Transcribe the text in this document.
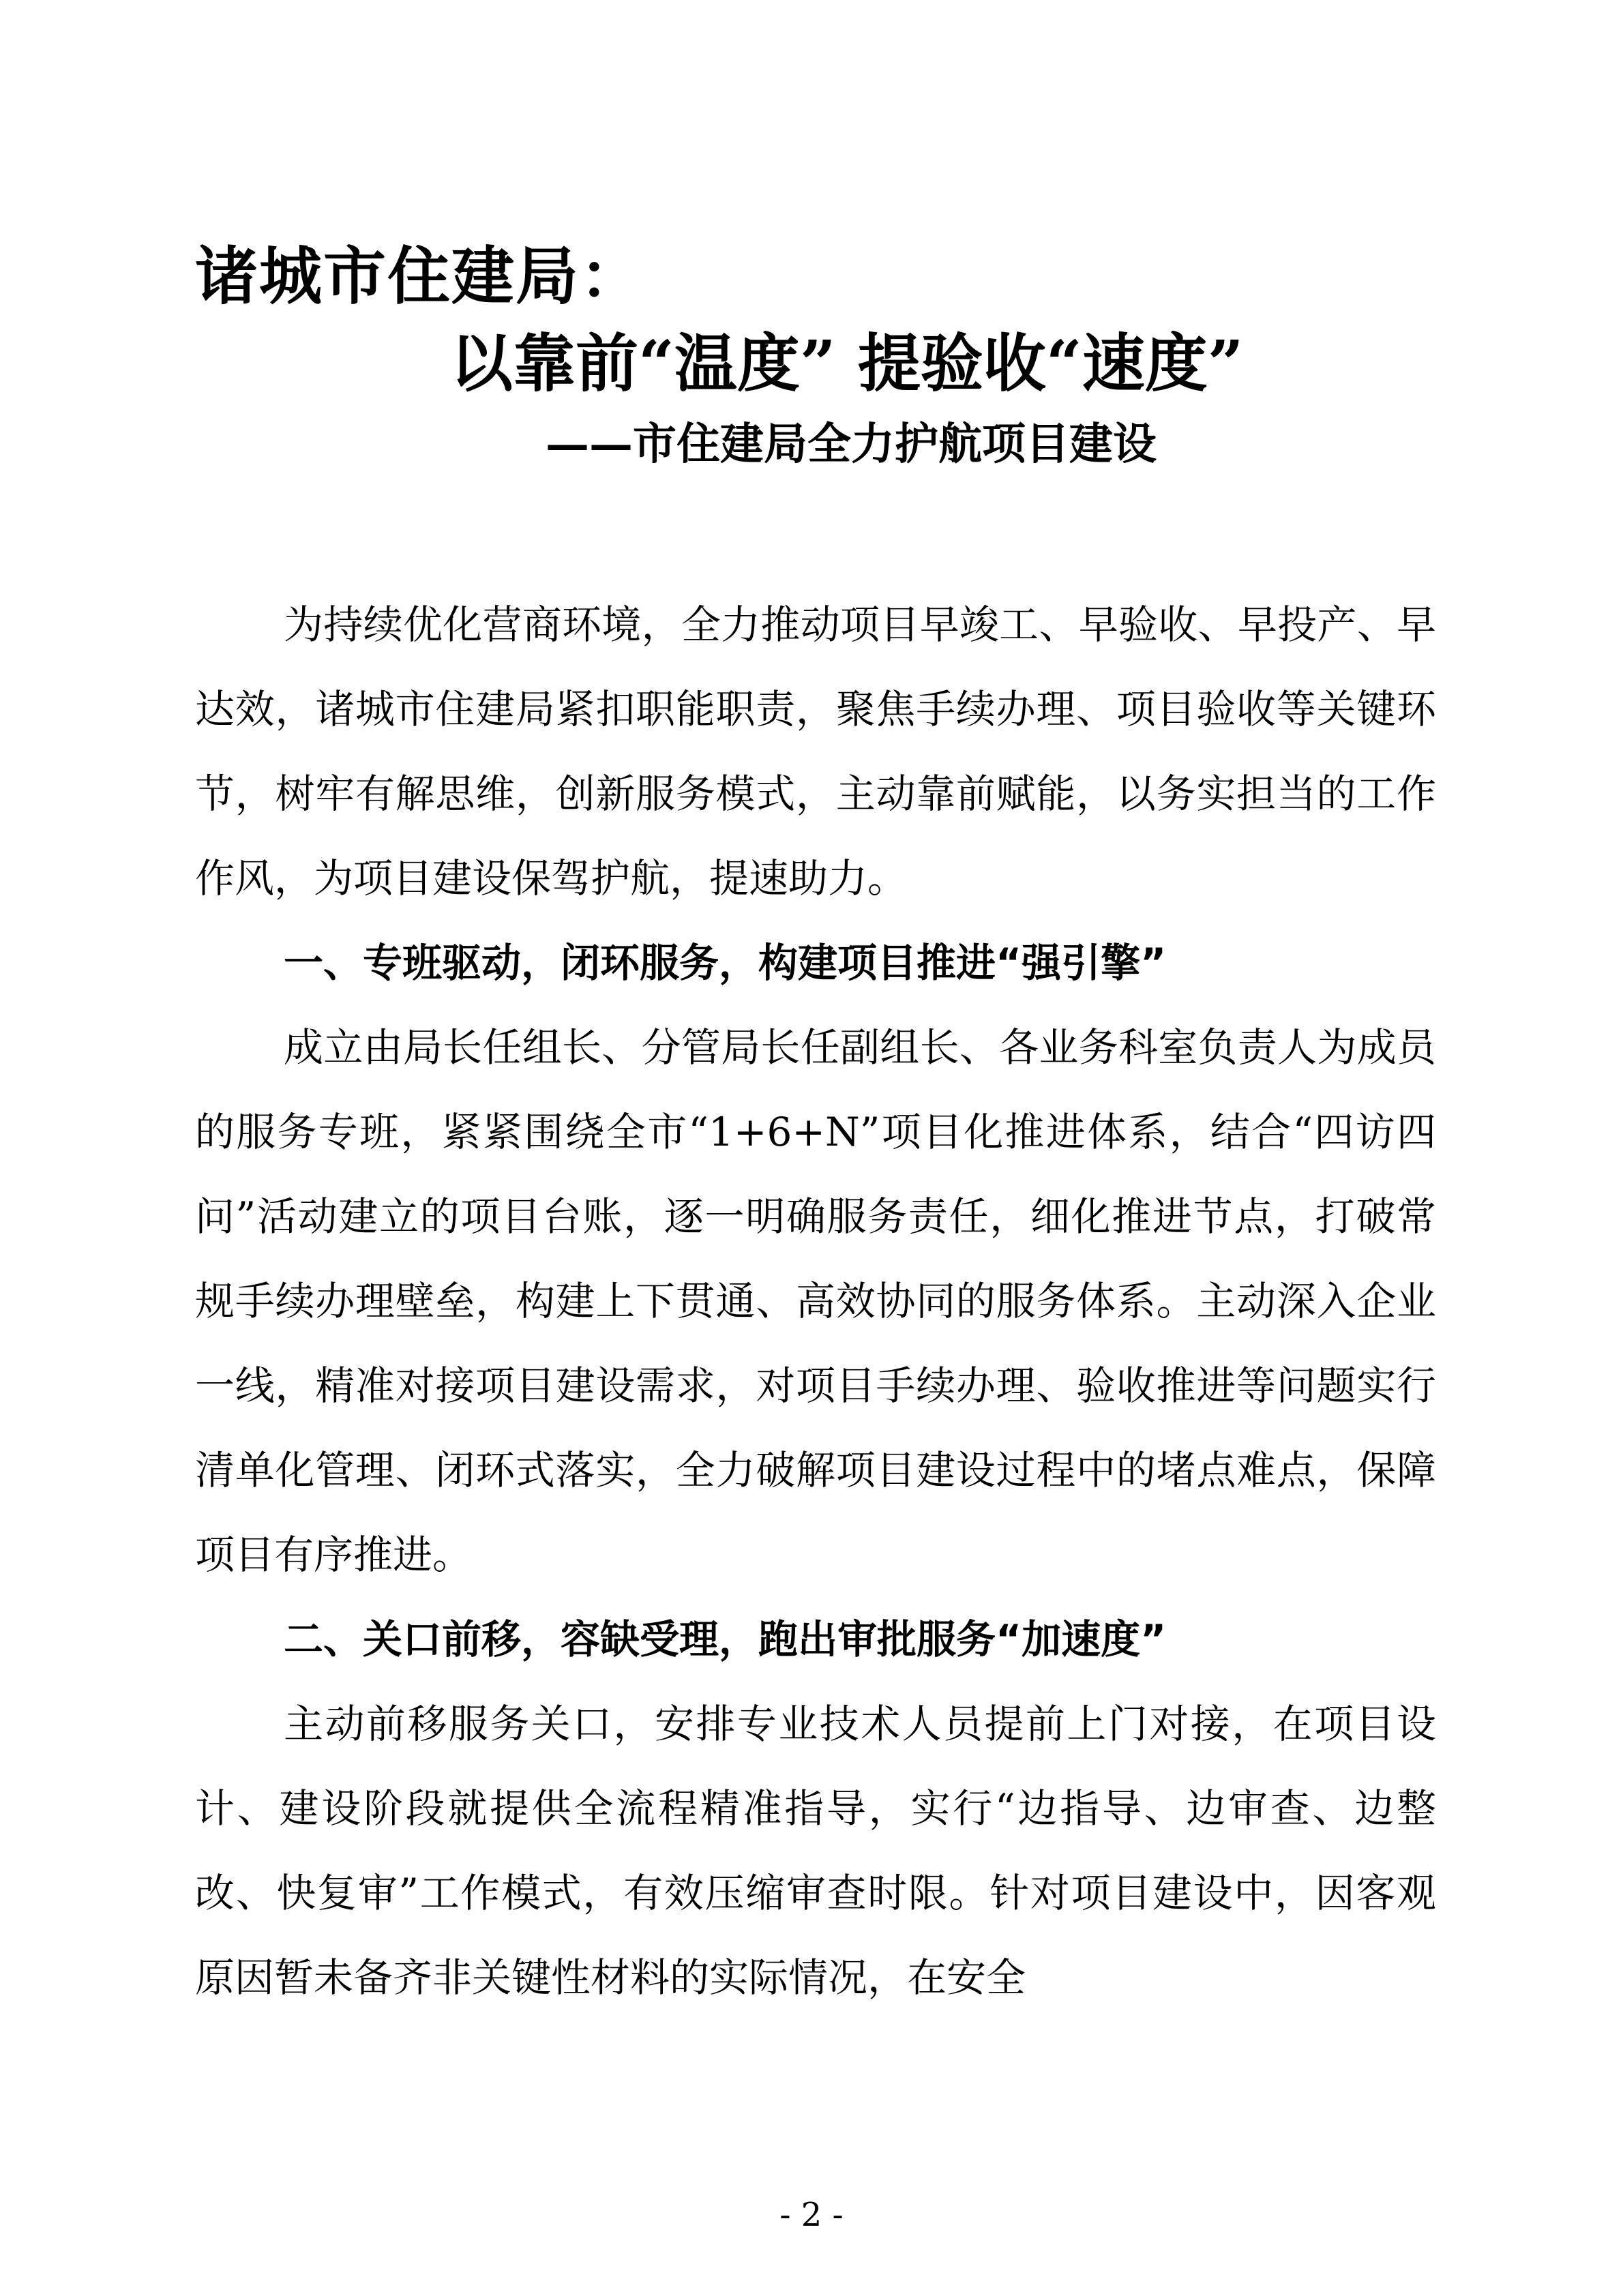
诸城市住建局：
以靠前“温度” 提验收“速度”
——市住建局全力护航项目建设

为持续优化营商环境，全力推动项目早竣工、早验收、早投产、早达效，诸城市住建局紧扣职能职责，聚焦手续办理、项目验收等关键环节，树牢有解思维，创新服务模式，主动靠前赋能，以务实担当的工作作风，为项目建设保驾护航，提速助力。

一、专班驱动，闭环服务，构建项目推进“强引擎”

成立由局长任组长、分管局长任副组长、各业务科室负责人为成员的服务专班，紧紧围绕全市“1+6+N”项目化推进体系，结合“四访四问”活动建立的项目台账，逐一明确服务责任，细化推进节点，打破常规手续办理壁垒，构建上下贯通、高效协同的服务体系。主动深入企业一线，精准对接项目建设需求，对项目手续办理、验收推进等问题实行清单化管理、闭环式落实，全力破解项目建设过程中的堵点难点，保障项目有序推进。

二、关口前移，容缺受理，跑出审批服务“加速度”

主动前移服务关口，安排专业技术人员提前上门对接，在项目设计、建设阶段就提供全流程精准指导，实行“边指导、边审查、边整改、快复审”工作模式，有效压缩审查时限。针对项目建设中，因客观原因暂未备齐非关键性材料的实际情况，在安全

- 2 -
